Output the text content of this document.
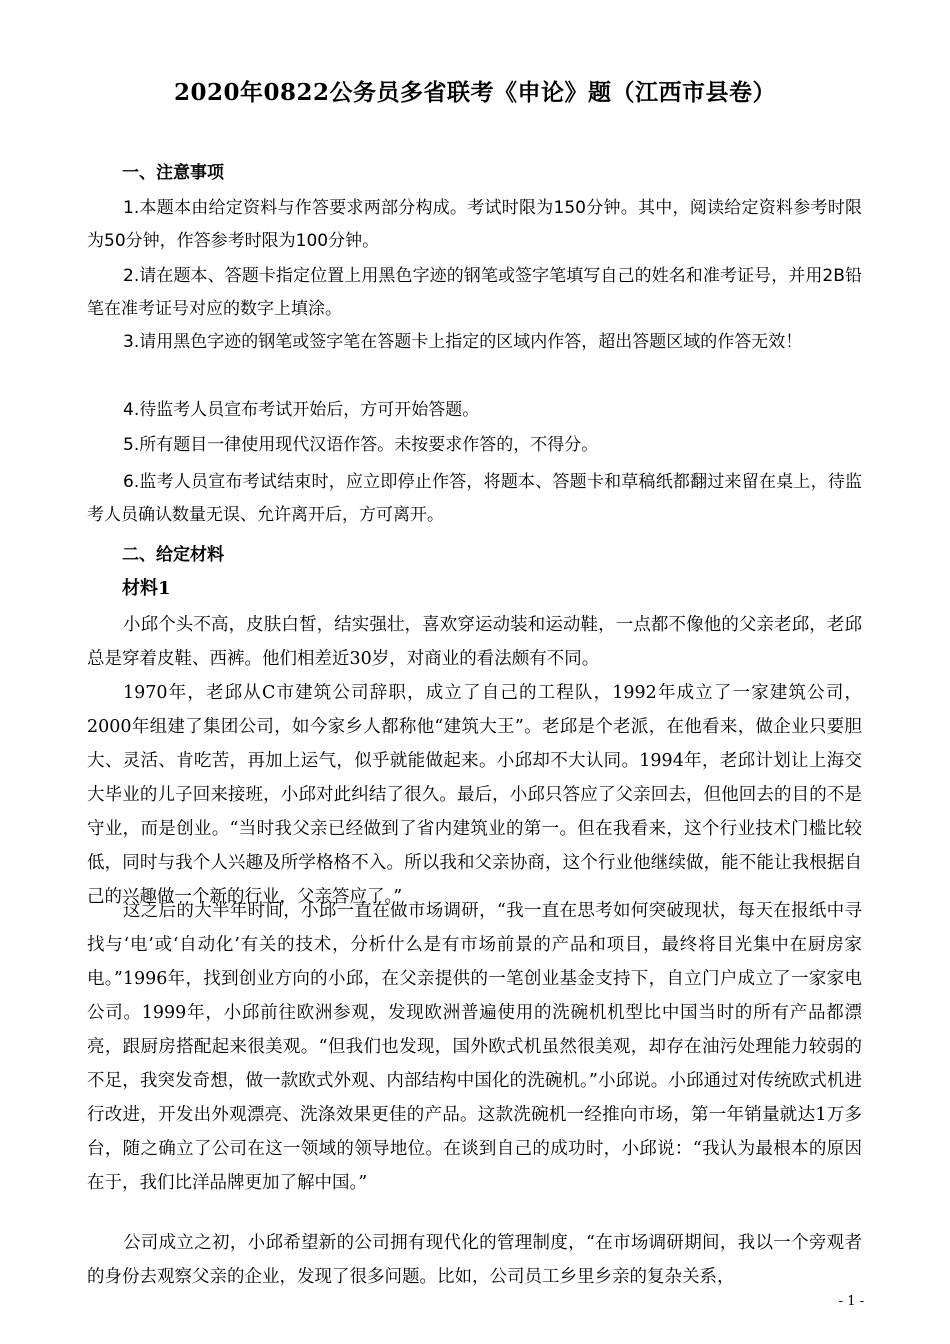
2020年0822公务员多省联考《申论》题（江西市县卷）
一、注意事项

1.本题本由给定资料与作答要求两部分构成。考试时限为150分钟。其中，阅读给定资料参考时限为50分钟，作答参考时限为100分钟。

2.请在题本、答题卡指定位置上用黑色字迹的钢笔或签字笔填写自己的姓名和准考证号，并用2B铅笔在准考证号对应的数字上填涂。

3.请用黑色字迹的钢笔或签字笔在答题卡上指定的区域内作答，超出答题区域的作答无效！

4.待监考人员宣布考试开始后，方可开始答题。

5.所有题目一律使用现代汉语作答。未按要求作答的，不得分。

6.监考人员宣布考试结束时，应立即停止作答，将题本、答题卡和草稿纸都翻过来留在桌上，待监考人员确认数量无误、允许离开后，方可离开。

二、给定材料
材料1

小邱个头不高，皮肤白皙，结实强壮，喜欢穿运动装和运动鞋，一点都不像他的父亲老邱，老邱总是穿着皮鞋、西裤。他们相差近30岁，对商业的看法颇有不同。

1970年，老邱从C市建筑公司辞职，成立了自己的工程队，1992年成立了一家建筑公司，2000年组建了集团公司，如今家乡人都称他“建筑大王”。老邱是个老派，在他看来，做企业只要胆大、灵活、肯吃苦，再加上运气，似乎就能做起来。小邱却不大认同。1994年，老邱计划让上海交大毕业的儿子回来接班，小邱对此纠结了很久。最后，小邱只答应了父亲回去，但他回去的目的不是守业，而是创业。“当时我父亲已经做到了省内建筑业的第一。但在我看来，这个行业技术门槛比较低，同时与我个人兴趣及所学格格不入。所以我和父亲协商，这个行业他继续做，能不能让我根据自己的兴趣做一个新的行业，父亲答应了。”

这之后的大半年时间，小邱一直在做市场调研，“我一直在思考如何突破现状，每天在报纸中寻找与‘电’或‘自动化’有关的技术，分析什么是有市场前景的产品和项目，最终将目光集中在厨房家电。”1996年，找到创业方向的小邱，在父亲提供的一笔创业基金支持下，自立门户成立了一家家电公司。1999年，小邱前往欧洲参观，发现欧洲普遍使用的洗碗机机型比中国当时的所有产品都漂亮，跟厨房搭配起来很美观。“但我们也发现，国外欧式机虽然很美观，却存在油污处理能力较弱的不足，我突发奇想，做一款欧式外观、内部结构中国化的洗碗机。”小邱说。小邱通过对传统欧式机进行改进，开发出外观漂亮、洗涤效果更佳的产品。这款洗碗机一经推向市场，第一年销量就达1万多台，随之确立了公司在这一领域的领导地位。在谈到自己的成功时，小邱说：“我认为最根本的原因在于，我们比洋品牌更加了解中国。”

公司成立之初，小邱希望新的公司拥有现代化的管理制度，“在市场调研期间，我以一个旁观者的身份去观察父亲的企业，发现了很多问题。比如，公司员工乡里乡亲的复杂关系，

- 1 -
